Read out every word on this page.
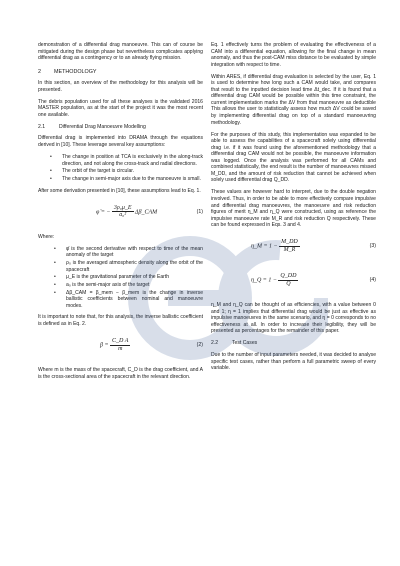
demonstration of a differential drag manoeuvre. This can of course be mitigated during the design phase but nevertheless complicates applying differential drag as a contingency or to an already flying mission.

2 METHODOLOGY

In this section, an overview of the methodology for this analysis will be presented.

The debris population used for all these analyses is the validated 2016 MASTER population, as at the start of the project it was the most recent one available.

2.1	Differential Drag Manoeuvre Modelling

Differential drag is implemented into DRAMA through the equations derived in [10]. These leverage several key assumptions:

• The change in position at TCA is exclusively in the along-track direction, and not along the cross-track and radial directions.
• The orbit of the target is circular.
• The change in semi-major axis due to the manoeuvre is small.

After some derivation presented in [10], these assumptions lead to Eq. 1.

φ̈ = − $\frac{\text{3ρ₀μ\_E}}{\text{a₀²}}$ Δβ_CAM	(1)

Where:

• φ̈ is the second derivative with respect to time of the mean anomaly of the target
• ρ₀ is the averaged atmospheric density along the orbit of the spacecraft
• μ_E is the gravitational parameter of the Earth
• a₀ is the semi-major axis of the target
• Δβ_CAM = β_mem − β_mem is the change in inverse ballistic coefficients between nominal and manoeuvre modes.

It is important to note that, for this analysis, the inverse ballistic coefficient is defined as in Eq. 2.

$\beta = \frac{\text{C\_D A}}{m}$	(2)

Where m is the mass of the spacecraft, C_D is the drag coefficient, and A is the cross-sectional area of the spacecraft in the relevant direction.

Eq. 1 effectively turns the problem of evaluating the effectiveness of a CAM into a differential equation, allowing for the final change in mean anomaly, and thus the post-CAM miss distance to be evaluated by simple integration with respect to time.

Within ARES, if differential drag evaluation is selected by the user, Eq. 1 is used to determine how long such a CAM would take, and compares that result to the inputted decision lead time Δt_dec. If it is found that a differential drag CAM would be possible within this time constraint, the current implementation marks the ΔV from that manoeuvre as deductible This allows the user to statistically assess how much ΔV could be saved by implementing differential drag on top of a standard manoeuvring methodology.

For the purposes of this study, this implementation was expanded to be able to assess the capabilities of a spacecraft solely using differential drag i.e. if it was found using the aforementioned methodology that a differential drag CAM would not be possible, the manoeuvre information was logged. Once the analysis was performed for all CAMs and combined statistically, the end result is the number of manoeuvres missed M_DD, and the amount of risk reduction that cannot be achieved when solely used differential drag Q_DD.

These values are however hard to interpret, due to the double negation involved. Thus, in order to be able to more effectively compare impulsive and differential drag manoeuvres, the manoeuvre and risk reduction figures of merit η_M and η_Q were constructed, using as reference the impulsive manoeuvre rate M_R and risk reduction Q respectively. These can be found expressed in Eqs. 3 and 4.

η_M = $1 - \frac{M\_DD}{M\_R}$	(3)
η_Q = $1 - \frac{Q\_DD}{Q}$	(4)

η_M and η_Q can be thought of as efficiencies, with a value between 0 and 1; η = 1 implies that differential drag would be just as effective as impulsive manoeuvres in the same scenario, and η = 0 corresponds to no effectiveness at all. In order to increase their legibility, they will be presented as percentages for the remainder of this paper.

2.2	Test Cases

Due to the number of input parameters needed, it was decided to analyse specific test cases, rather than perform a full parametric sweep of every variable.
